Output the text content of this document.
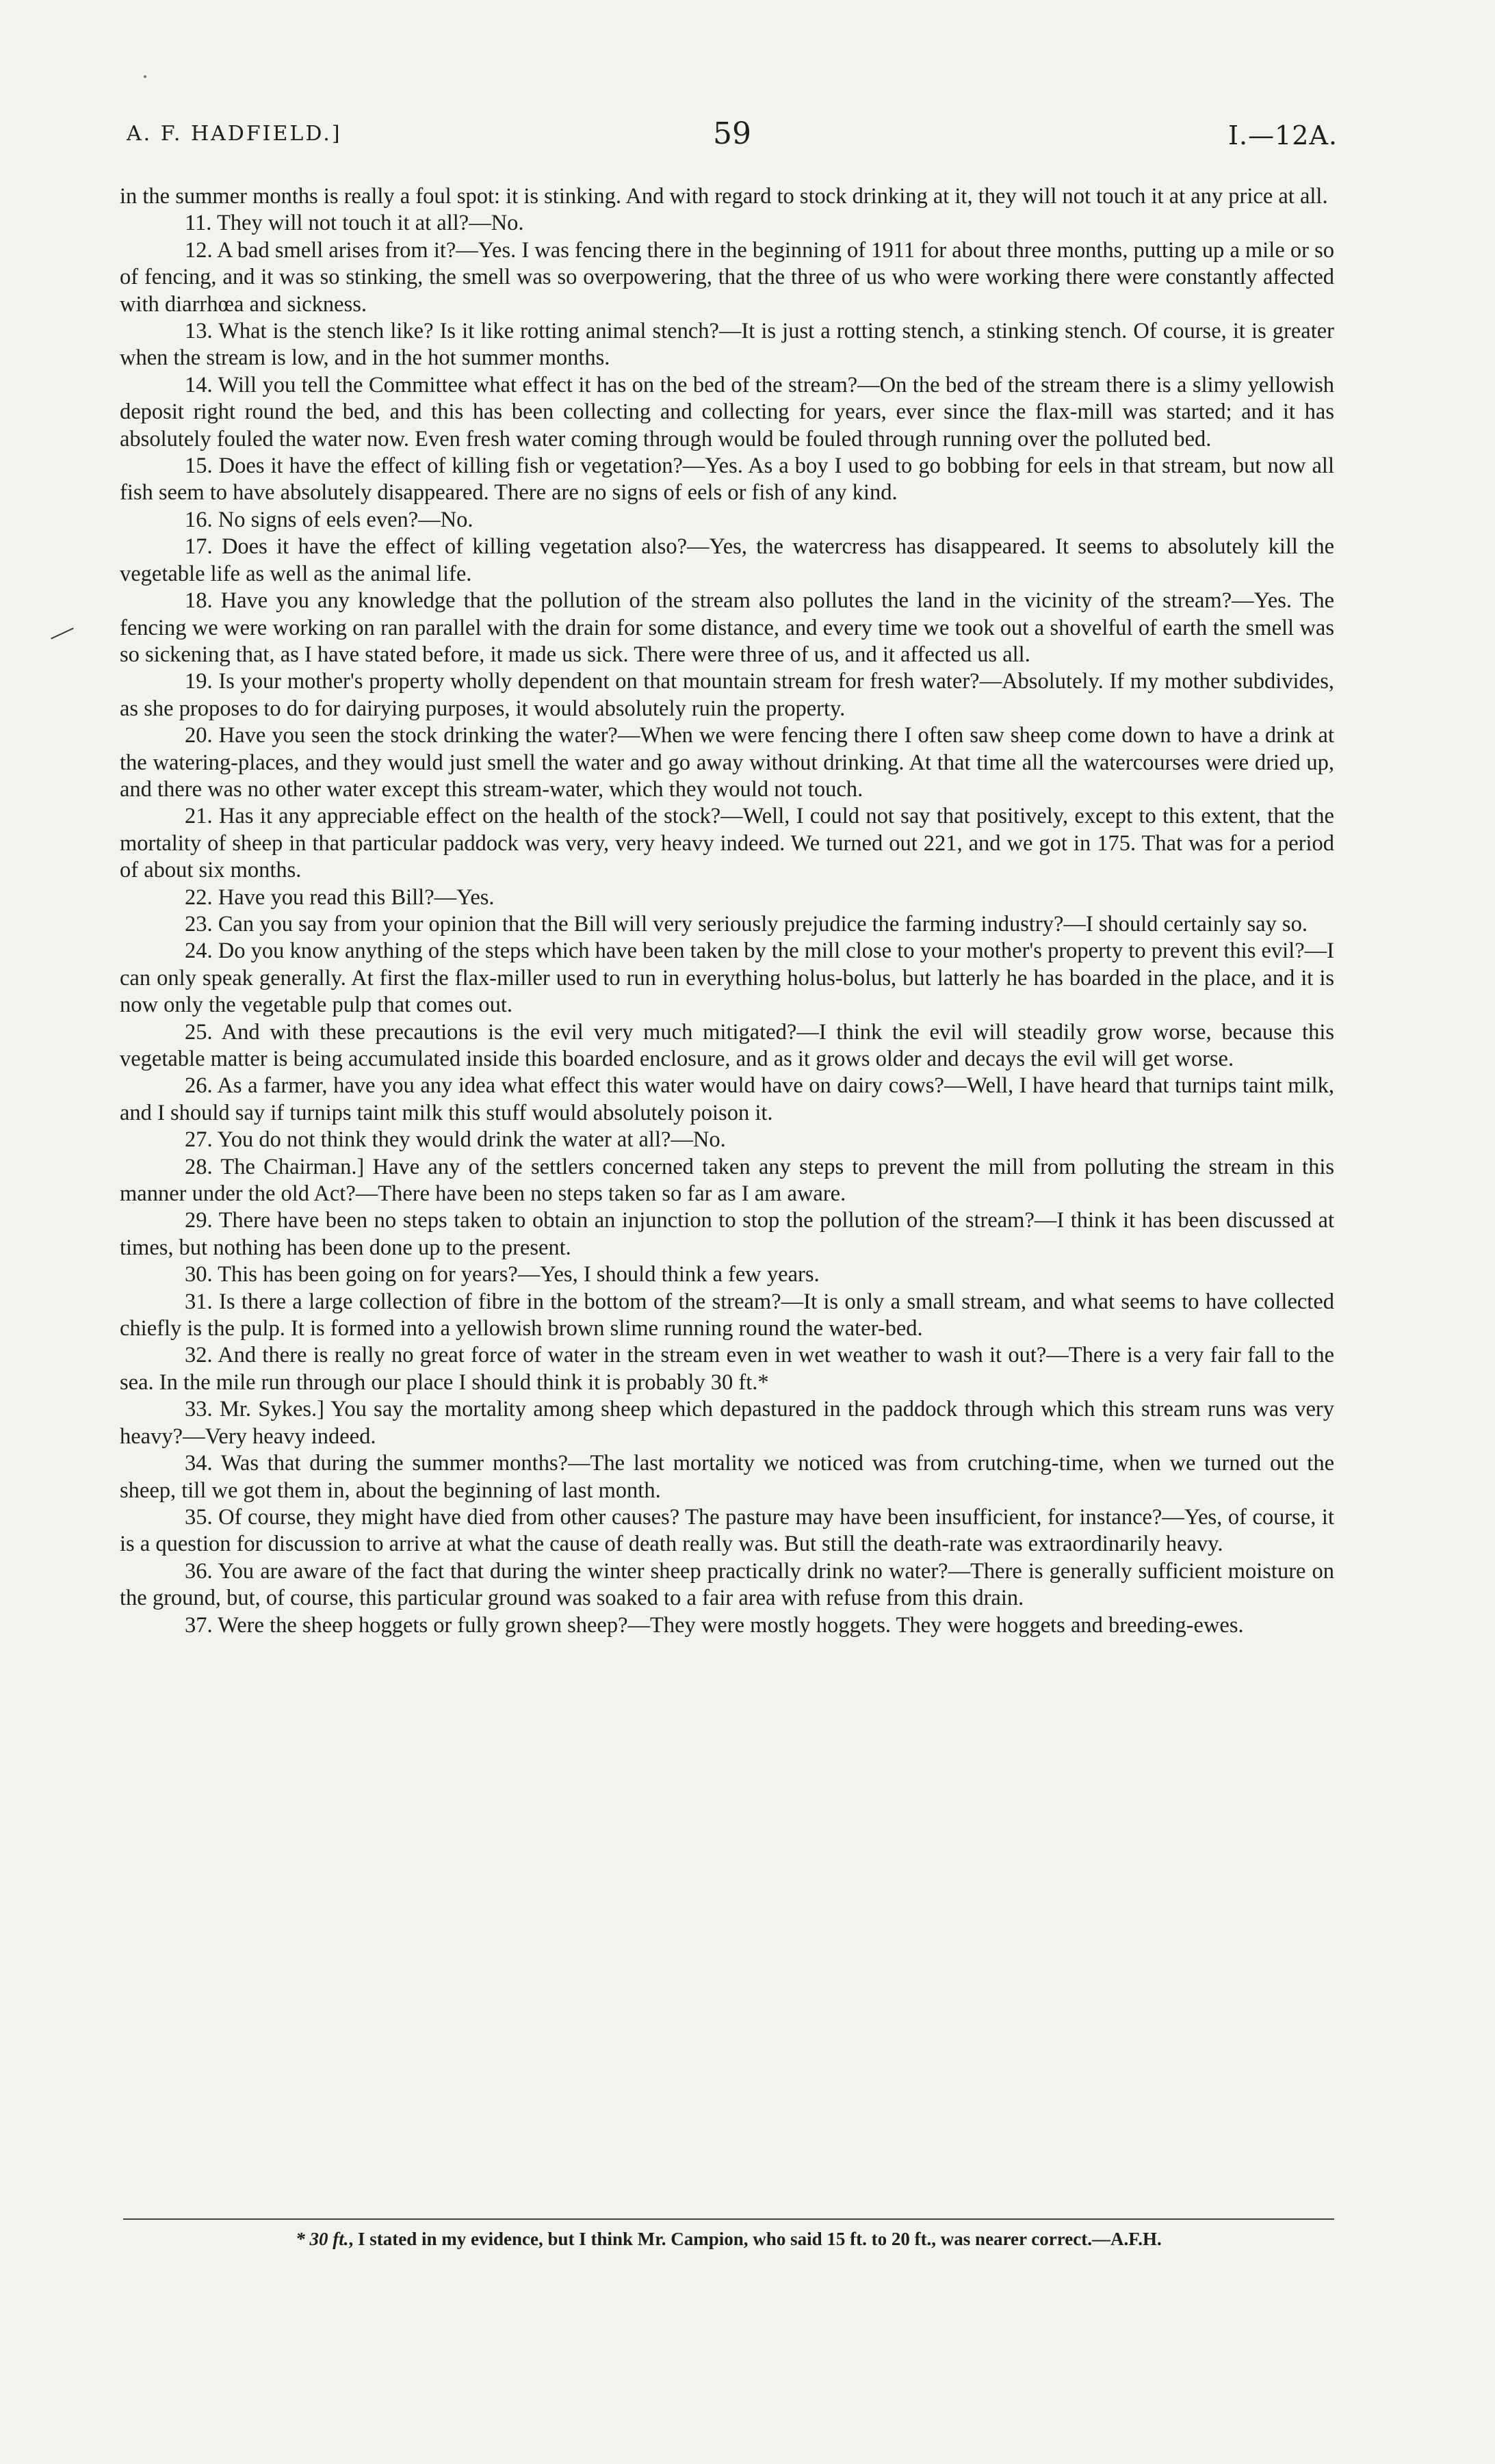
A. F. HADFIELD.]	59	I.—12A.

in the summer months is really a foul spot: it is stinking. And with regard to stock drinking at it, they will not touch it at any price at all.

11. They will not touch it at all?—No.

12. A bad smell arises from it?—Yes. I was fencing there in the beginning of 1911 for about three months, putting up a mile or so of fencing, and it was so stinking, the smell was so overpowering, that the three of us who were working there were constantly affected with diarrhœa and sickness.

13. What is the stench like? Is it like rotting animal stench?—It is just a rotting stench, a stinking stench. Of course, it is greater when the stream is low, and in the hot summer months.

14. Will you tell the Committee what effect it has on the bed of the stream?—On the bed of the stream there is a slimy yellowish deposit right round the bed, and this has been collecting and collecting for years, ever since the flax-mill was started; and it has absolutely fouled the water now. Even fresh water coming through would be fouled through running over the polluted bed.

15. Does it have the effect of killing fish or vegetation?—Yes. As a boy I used to go bobbing for eels in that stream, but now all fish seem to have absolutely disappeared. There are no signs of eels or fish of any kind.

16. No signs of eels even?—No.

17. Does it have the effect of killing vegetation also?—Yes, the watercress has disappeared. It seems to absolutely kill the vegetable life as well as the animal life.

18. Have you any knowledge that the pollution of the stream also pollutes the land in the vicinity of the stream?—Yes. The fencing we were working on ran parallel with the drain for some distance, and every time we took out a shovelful of earth the smell was so sickening that, as I have stated before, it made us sick. There were three of us, and it affected us all.

19. Is your mother's property wholly dependent on that mountain stream for fresh water?—Absolutely. If my mother subdivides, as she proposes to do for dairying purposes, it would absolutely ruin the property.

20. Have you seen the stock drinking the water?—When we were fencing there I often saw sheep come down to have a drink at the watering-places, and they would just smell the water and go away without drinking. At that time all the watercourses were dried up, and there was no other water except this stream-water, which they would not touch.

21. Has it any appreciable effect on the health of the stock?—Well, I could not say that positively, except to this extent, that the mortality of sheep in that particular paddock was very, very heavy indeed. We turned out 221, and we got in 175. That was for a period of about six months.

22. Have you read this Bill?—Yes.

23. Can you say from your opinion that the Bill will very seriously prejudice the farming industry?—I should certainly say so.

24. Do you know anything of the steps which have been taken by the mill close to your mother's property to prevent this evil?—I can only speak generally. At first the flax-miller used to run in everything holus-bolus, but latterly he has boarded in the place, and it is now only the vegetable pulp that comes out.

25. And with these precautions is the evil very much mitigated?—I think the evil will steadily grow worse, because this vegetable matter is being accumulated inside this boarded enclosure, and as it grows older and decays the evil will get worse.

26. As a farmer, have you any idea what effect this water would have on dairy cows?—Well, I have heard that turnips taint milk, and I should say if turnips taint milk this stuff would absolutely poison it.

27. You do not think they would drink the water at all?—No.

28. The Chairman.] Have any of the settlers concerned taken any steps to prevent the mill from polluting the stream in this manner under the old Act?—There have been no steps taken so far as I am aware.

29. There have been no steps taken to obtain an injunction to stop the pollution of the stream?—I think it has been discussed at times, but nothing has been done up to the present.

30. This has been going on for years?—Yes, I should think a few years.

31. Is there a large collection of fibre in the bottom of the stream?—It is only a small stream, and what seems to have collected chiefly is the pulp. It is formed into a yellowish brown slime running round the water-bed.

32. And there is really no great force of water in the stream even in wet weather to wash it out?—There is a very fair fall to the sea. In the mile run through our place I should think it is probably 30 ft.*

33. Mr. Sykes.] You say the mortality among sheep which depastured in the paddock through which this stream runs was very heavy?—Very heavy indeed.

34. Was that during the summer months?—The last mortality we noticed was from crutching-time, when we turned out the sheep, till we got them in, about the beginning of last month.

35. Of course, they might have died from other causes? The pasture may have been insufficient, for instance?—Yes, of course, it is a question for discussion to arrive at what the cause of death really was. But still the death-rate was extraordinarily heavy.

36. You are aware of the fact that during the winter sheep practically drink no water?—There is generally sufficient moisture on the ground, but, of course, this particular ground was soaked to a fair area with refuse from this drain.

37. Were the sheep hoggets or fully grown sheep?—They were mostly hoggets. They were hoggets and breeding-ewes.

* 30 ft., I stated in my evidence, but I think Mr. Campion, who said 15 ft. to 20 ft., was nearer correct.—A.F.H.
